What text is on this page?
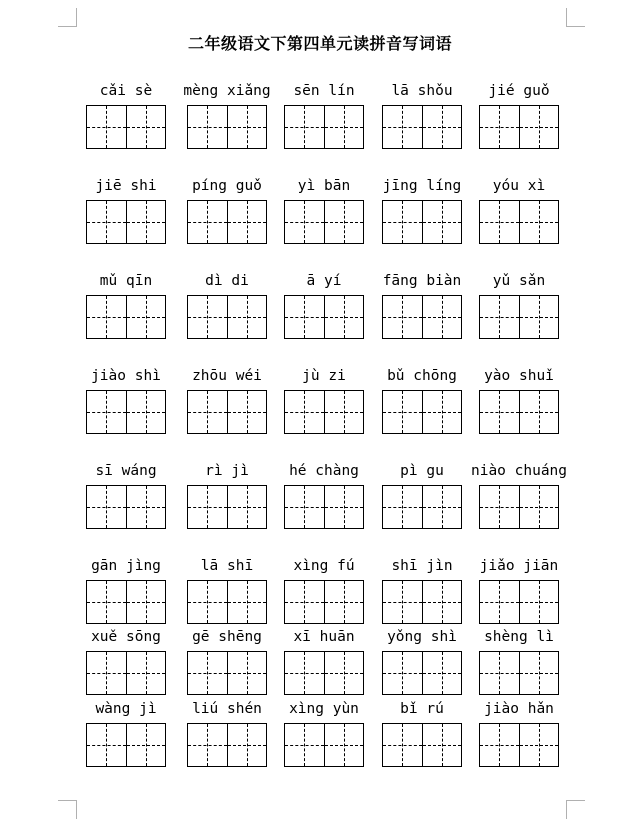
二年级语文下第四单元读拼音写词语
cǎi sè	mèng xiǎng	sēn lín	lā shǒu	jié guǒ
jiē shi	píng guǒ	yì bān	jīng líng	yóu xì
mǔ qīn	dì di	ā yí	fāng biàn	yǔ sǎn
jiào shì	zhōu wéi	jù zi	bǔ chōng	yào shuǐ
sī wáng	rì jì	hé chàng	pì gu	niào chuáng
gān jìng	lā shī	xìng fú	shī jìn	jiǎo jiān
xuě sōng	gē shēng	xī huān	yǒng shì	shèng lì
wàng jì	liú shén	xìng yùn	bǐ rú	jiào hǎn
